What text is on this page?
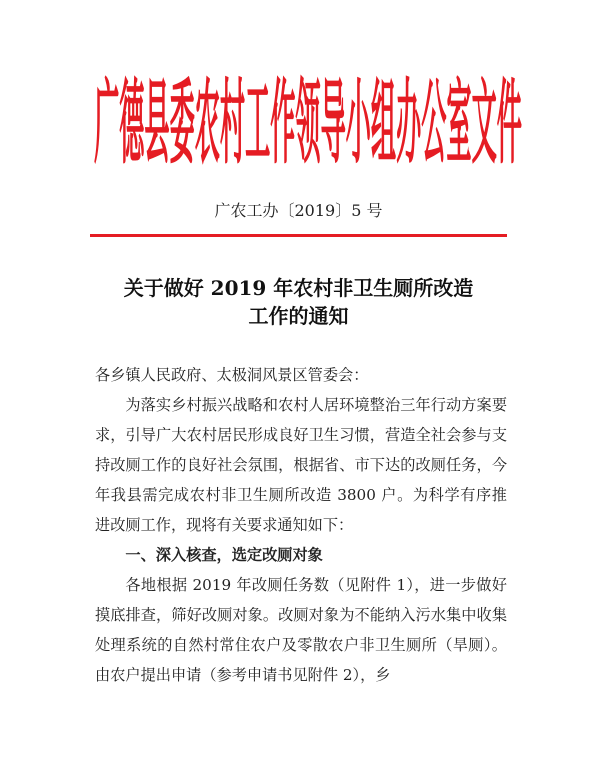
广德县委农村工作领导小组办公室文件
广农工办〔2019〕5 号
关于做好 2019 年农村非卫生厕所改造
工作的通知

各乡镇人民政府、太极洞风景区管委会：

为落实乡村振兴战略和农村人居环境整治三年行动方案要求，引导广大农村居民形成良好卫生习惯，营造全社会参与支持改厕工作的良好社会氛围，根据省、市下达的改厕任务，今年我县需完成农村非卫生厕所改造 3800 户。为科学有序推进改厕工作，现将有关要求通知如下：

一、深入核查，选定改厕对象

各地根据 2019 年改厕任务数（见附件 1），进一步做好摸底排查，筛好改厕对象。改厕对象为不能纳入污水集中收集处理系统的自然村常住农户及零散农户非卫生厕所（旱厕）。由农户提出申请（参考申请书见附件 2），乡
